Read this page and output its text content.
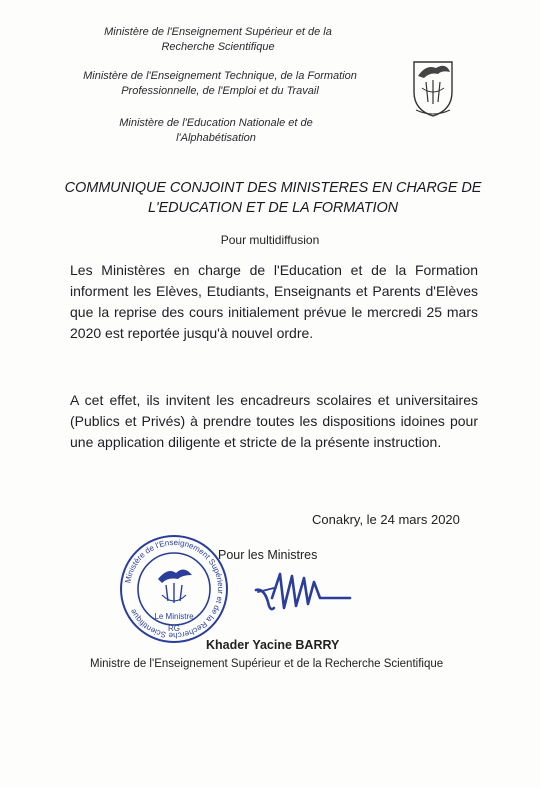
Ministère de l'Enseignement Supérieur et de la Recherche Scientifique
Ministère de l'Enseignement Technique, de la Formation Professionnelle, de l'Emploi et du Travail
Ministère de l'Education Nationale et de l'Alphabétisation
COMMUNIQUE CONJOINT DES MINISTERES EN CHARGE DE L'EDUCATION ET DE LA FORMATION
Pour multidiffusion
Les Ministères en charge de l'Education et de la Formation informent les Elèves, Etudiants, Enseignants et Parents d'Elèves que la reprise des cours initialement prévue le mercredi 25 mars 2020 est reportée jusqu'à nouvel ordre.
A cet effet, ils invitent les encadreurs scolaires et universitaires (Publics et Privés) à prendre toutes les dispositions idoines pour une application diligente et stricte de la présente instruction.
Conakry, le 24 mars 2020
Ministère de l'Enseignement Supérieur et de la Recherche Scientifique
Le Ministre
RG
Pour les Ministres
Khader Yacine BARRY
Ministre de l'Enseignement Supérieur et de la Recherche Scientifique
